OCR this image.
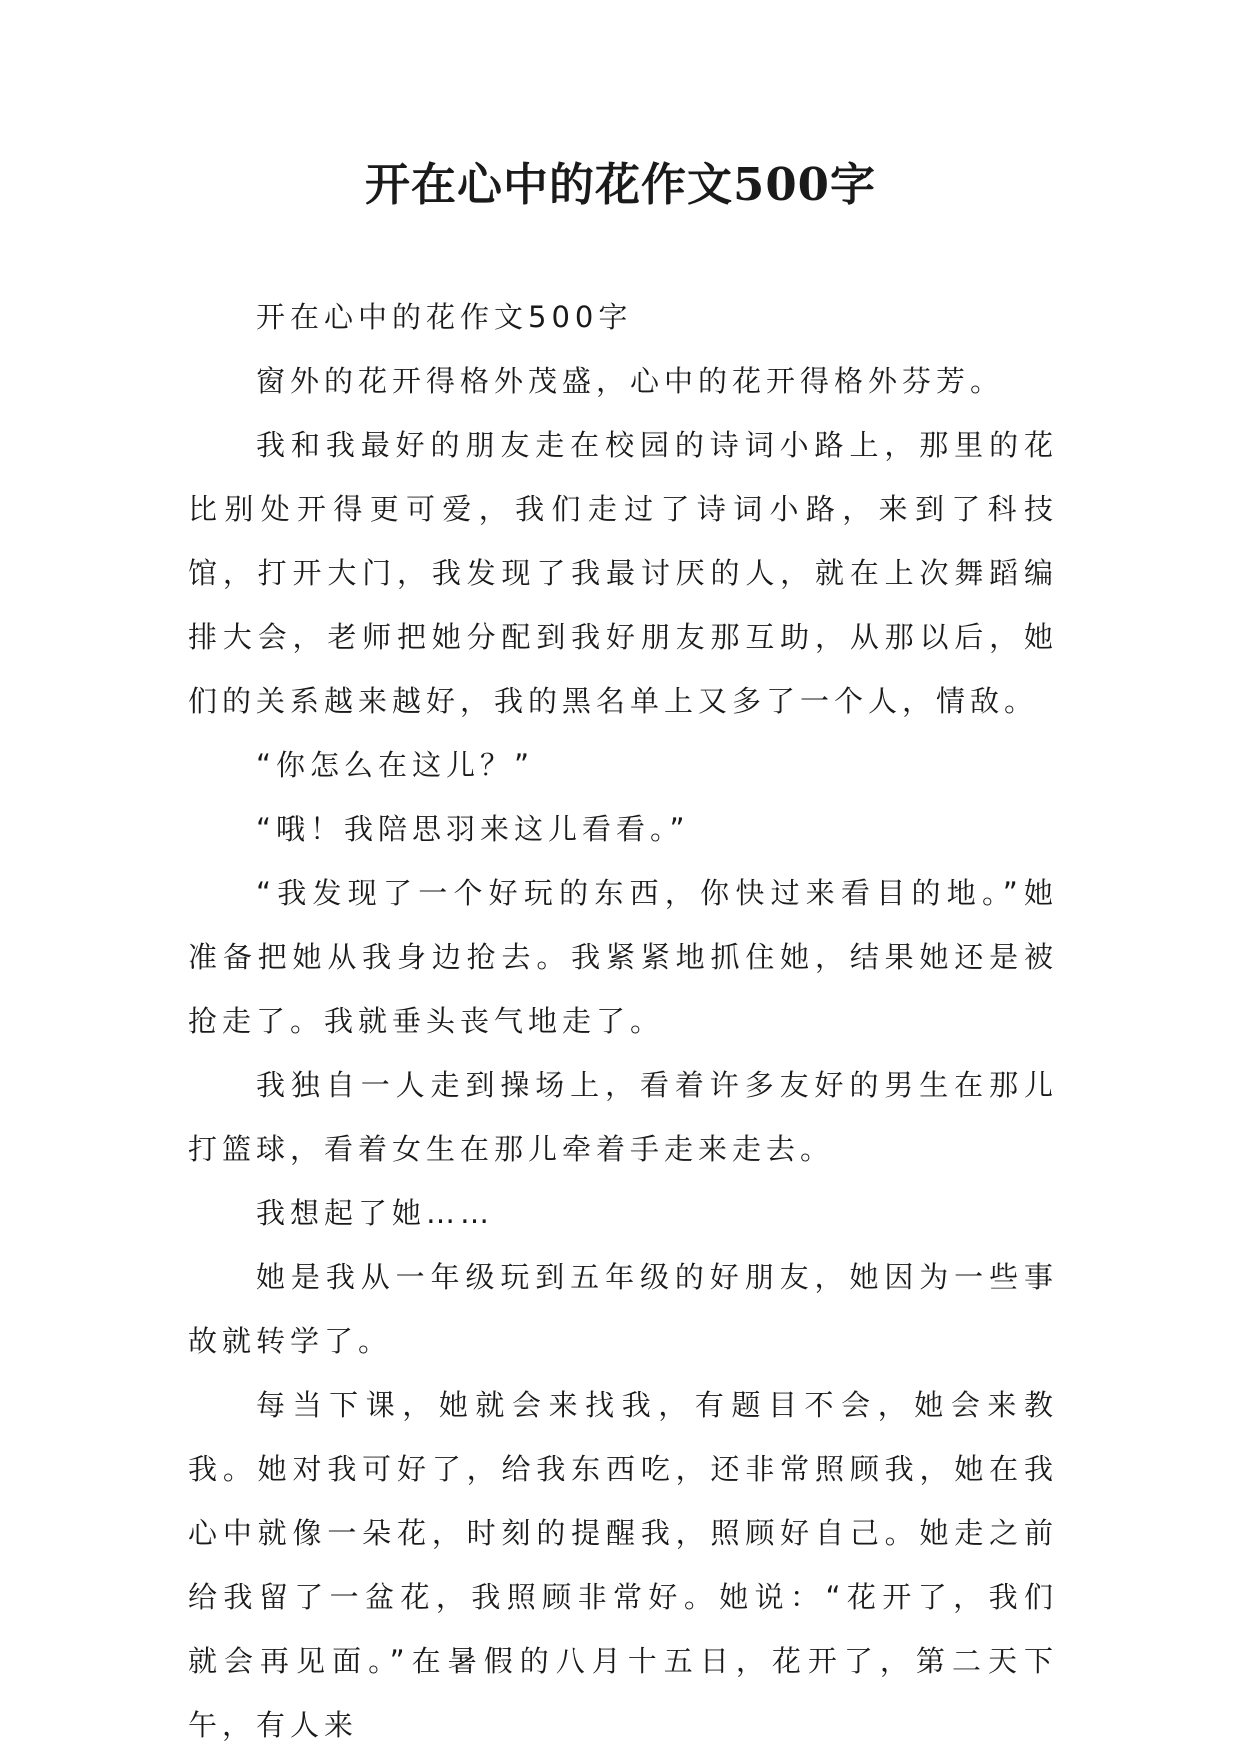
开在心中的花作文500字

开在心中的花作文500字

窗外的花开得格外茂盛，心中的花开得格外芬芳。

我和我最好的朋友走在校园的诗词小路上，那里的花比别处开得更可爱，我们走过了诗词小路，来到了科技馆，打开大门，我发现了我最讨厌的人，就在上次舞蹈编排大会，老师把她分配到我好朋友那互助，从那以后，她们的关系越来越好，我的黑名单上又多了一个人，情敌。

“你怎么在这儿？”

“哦！我陪思羽来这儿看看。”

“我发现了一个好玩的东西，你快过来看目的地。”她准备把她从我身边抢去。我紧紧地抓住她，结果她还是被抢走了。我就垂头丧气地走了。

我独自一人走到操场上，看着许多友好的男生在那儿打篮球，看着女生在那儿牵着手走来走去。

我想起了她……

她是我从一年级玩到五年级的好朋友，她因为一些事故就转学了。

每当下课，她就会来找我，有题目不会，她会来教我。她对我可好了，给我东西吃，还非常照顾我，她在我心中就像一朵花，时刻的提醒我，照顾好自己。她走之前给我留了一盆花，我照顾非常好。她说：“花开了，我们就会再见面。”在暑假的八月十五日，花开了，第二天下午，有人来
